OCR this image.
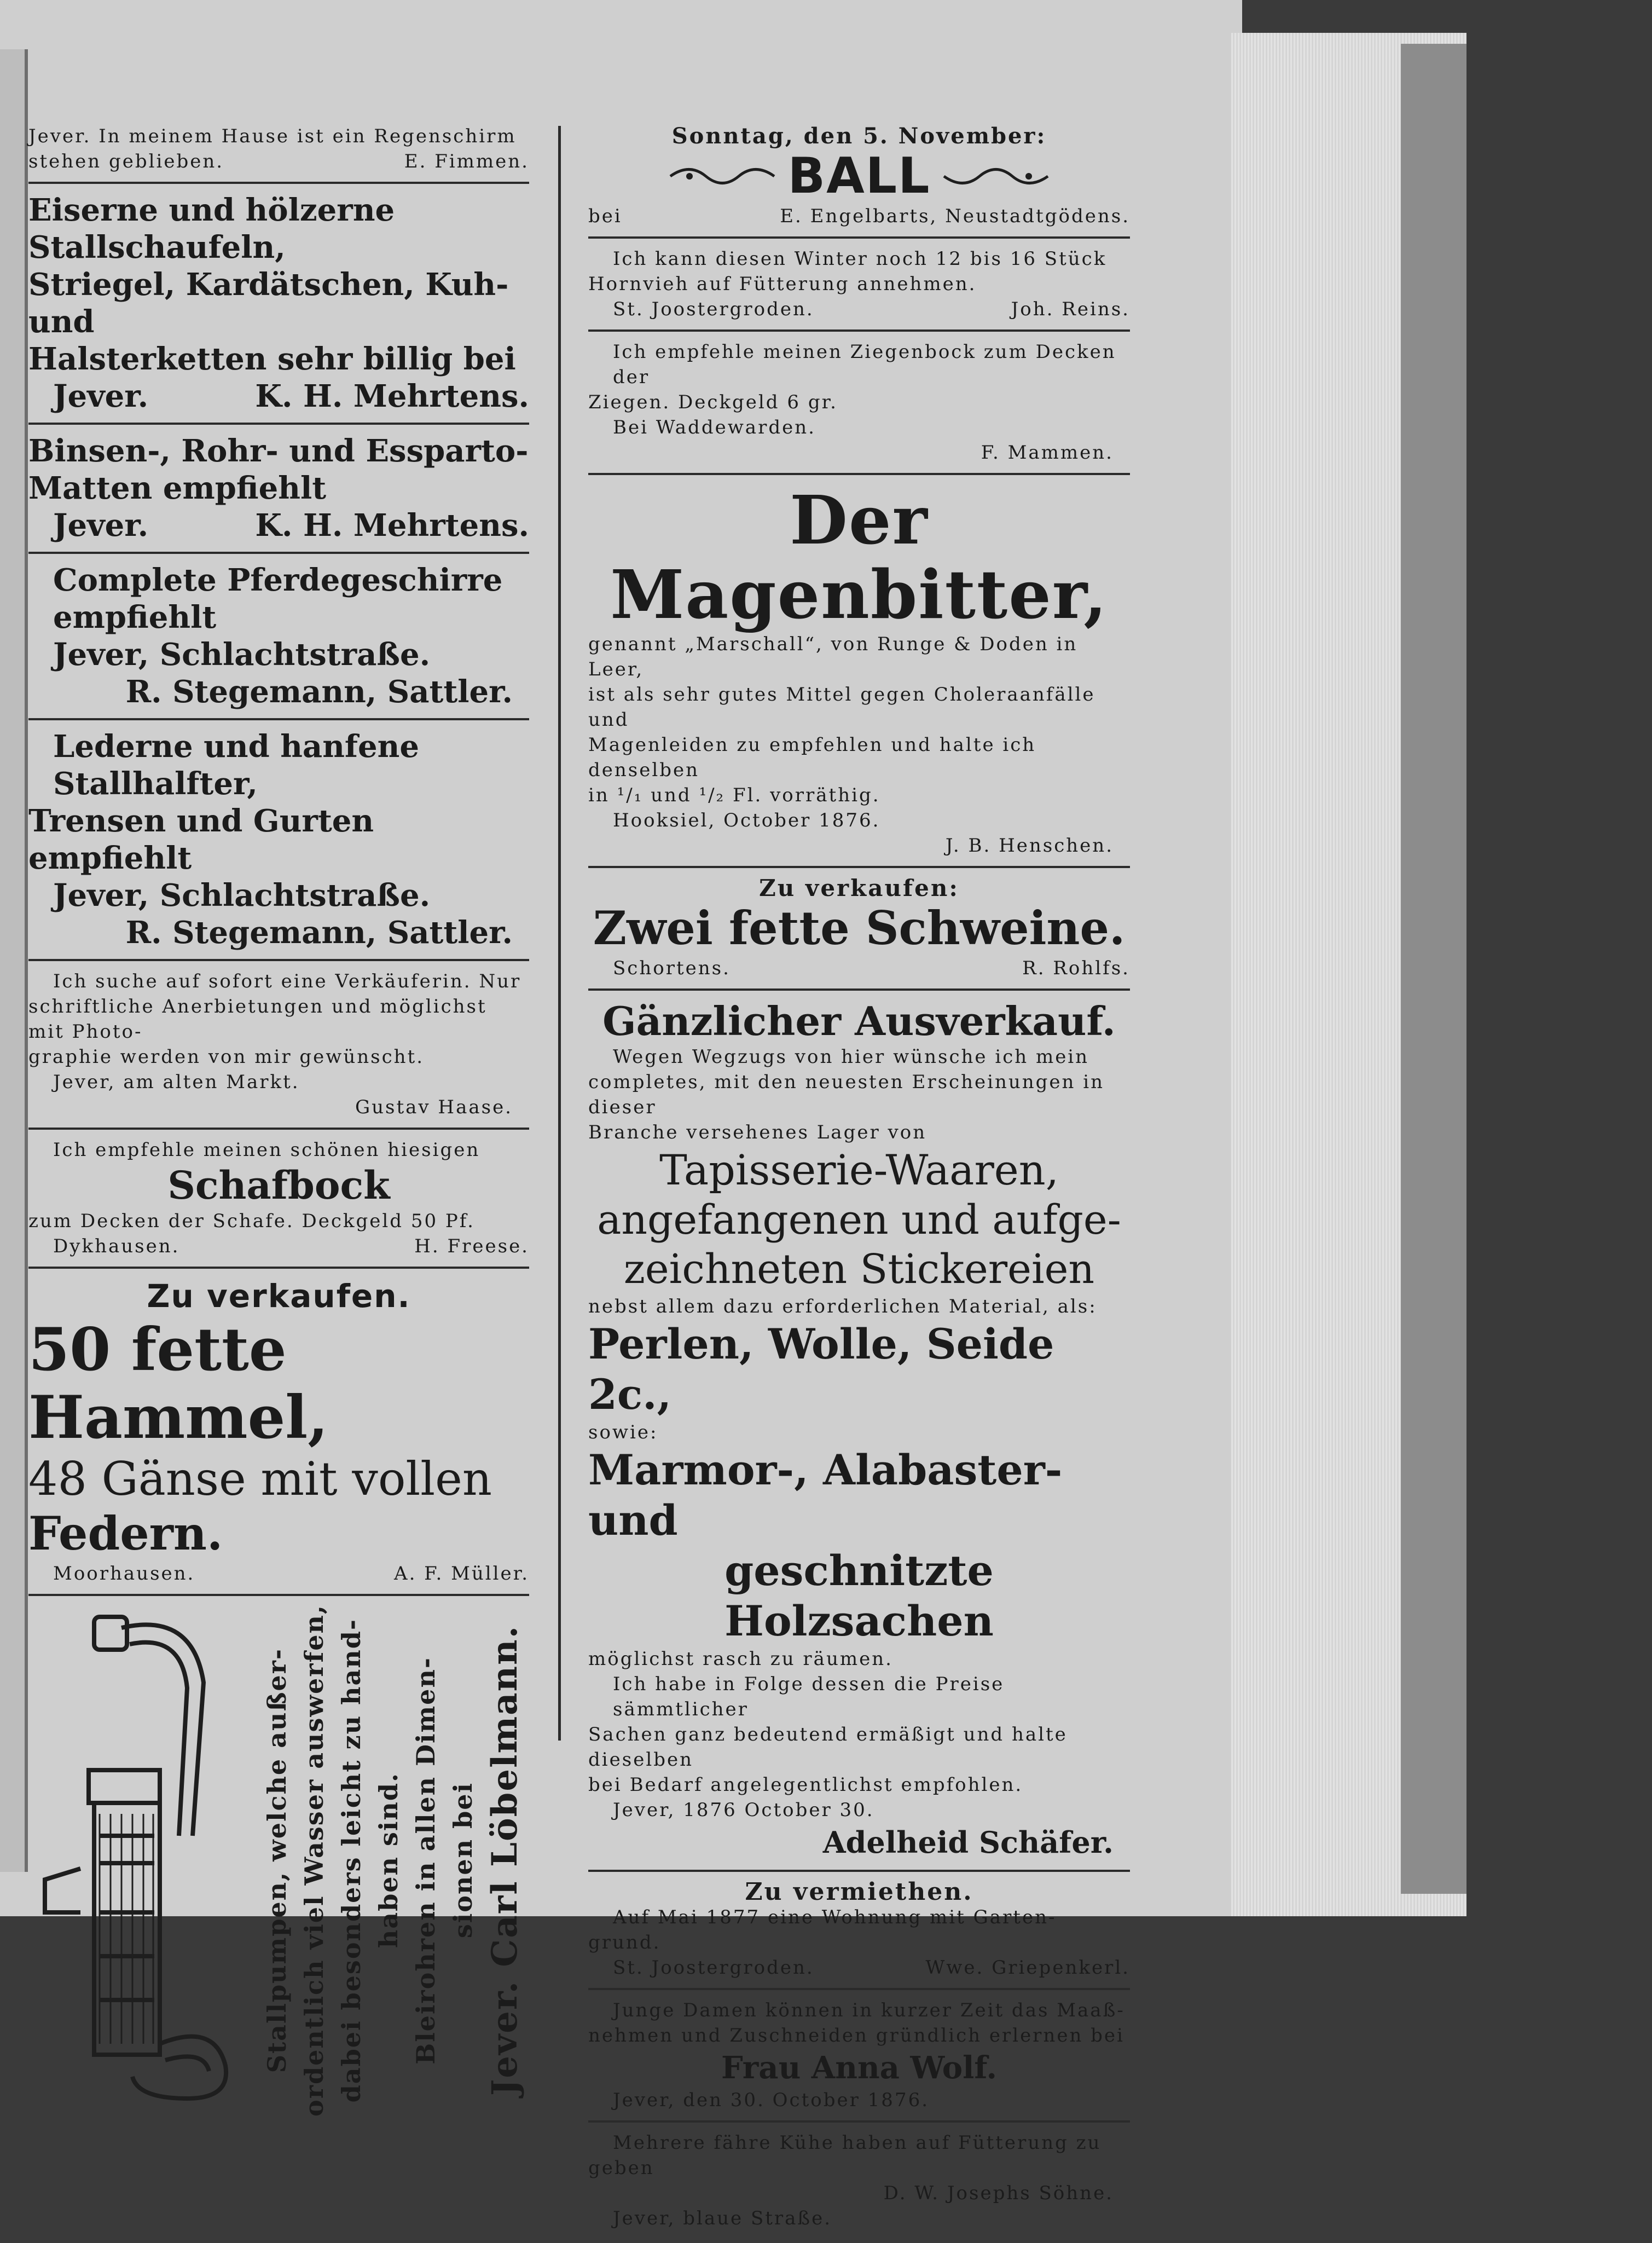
Jever. In meinem Hause ist ein Regenschirm
stehen geblieben.	E. Fimmen.
Eiserne und hölzerne Stallschaufeln,
Striegel, Kardätschen, Kuh- und
Halsterketten sehr billig bei
Jever.	K. H. Mehrtens.
Binsen-, Rohr- und Essparto-
Matten empfiehlt
Jever.	K. H. Mehrtens.
Complete Pferdegeschirre empfiehlt
Jever, Schlachtstraße.
R. Stegemann, Sattler.
Lederne und hanfene Stallhalfter,
Trensen und Gurten empfiehlt
Jever, Schlachtstraße.
R. Stegemann, Sattler.
Ich suche auf sofort eine Verkäuferin. Nur
schriftliche Anerbietungen und möglichst mit Photo-
graphie werden von mir gewünscht.
Jever, am alten Markt.
Gustav Haase.
Ich empfehle meinen schönen hiesigen
Schafbock
zum Decken der Schafe. Deckgeld 50 Pf.
Dykhausen.	H. Freese.
Zu verkaufen.
50 fette Hammel,
48 Gänse mit vollen
Federn.
Moorhausen.	A. F. Müller.
Stallpumpen, welche außer- ordentlich viel Wasser auswerfen, dabei besonders leicht zu hand- haben sind. Bleirohren in allen Dimen- sionen bei Jever. Carl Löbelmann.
Sonntag, den 5. November:
BALL
bei	E. Engelbarts, Neustadtgödens.
Ich kann diesen Winter noch 12 bis 16 Stück
Hornvieh auf Fütterung annehmen.
St. Joostergroden.	Joh. Reins.
Ich empfehle meinen Ziegenbock zum Decken der
Ziegen. Deckgeld 6 gr.
Bei Waddewarden.
F. Mammen.
Der Magenbitter,
genannt „Marschall“, von Runge & Doden in Leer,
ist als sehr gutes Mittel gegen Choleraanfälle und
Magenleiden zu empfehlen und halte ich denselben
in ¹/₁ und ¹/₂ Fl. vorräthig.
Hooksiel, October 1876.
J. B. Henschen.
Zu verkaufen:
Zwei fette Schweine.
Schortens.	R. Rohlfs.
Gänzlicher Ausverkauf.
Wegen Wegzugs von hier wünsche ich mein
completes, mit den neuesten Erscheinungen in dieser
Branche versehenes Lager von
Tapisserie-Waaren,
angefangenen und aufge-
zeichneten Stickereien
nebst allem dazu erforderlichen Material, als:
Perlen, Wolle, Seide 2c.,
sowie:
Marmor-, Alabaster- und
geschnitzte Holzsachen
möglichst rasch zu räumen.
Ich habe in Folge dessen die Preise sämmtlicher
Sachen ganz bedeutend ermäßigt und halte dieselben
bei Bedarf angelegentlichst empfohlen.
Jever, 1876 October 30.
Adelheid Schäfer.
Zu vermiethen.
Auf Mai 1877 eine Wohnung mit Garten-
grund.
St. Joostergroden.	Wwe. Griepenkerl.
Junge Damen können in kurzer Zeit das Maaß-
nehmen und Zuschneiden gründlich erlernen bei
Frau Anna Wolf.
Jever, den 30. October 1876.
Mehrere fähre Kühe haben auf Fütterung zu
geben
D. W. Josephs Söhne.
Jever, blaue Straße.
